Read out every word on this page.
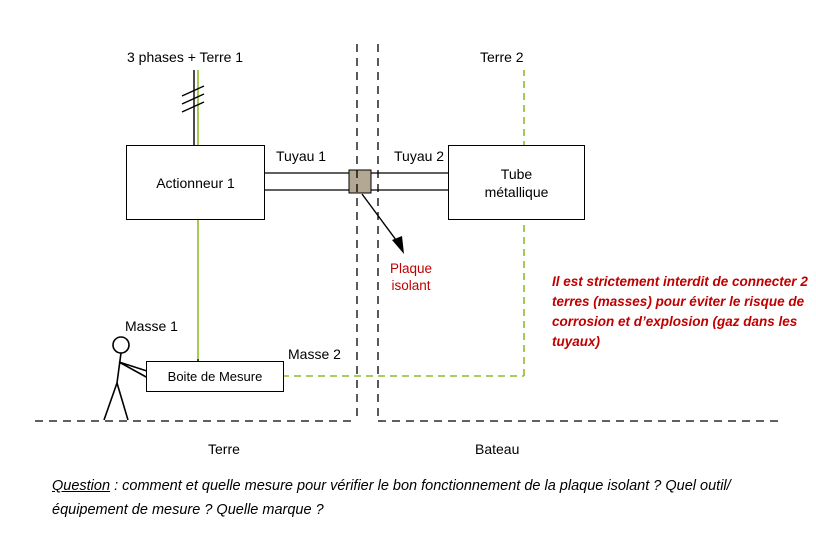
Actionneur 1
Tube
métallique
Boite de Mesure
3 phases + Terre 1	Terre 2
Tuyau 1	Tuyau 2
Masse 1
Masse 2
Terre	Bateau
Plaque
isolant	Il est strictement interdit de connecter 2 terres (masses) pour éviter le risque de corrosion et d’explosion (gaz dans les tuyaux)
Question : comment et quelle mesure pour vérifier le bon fonctionnement de la plaque isolant ? Quel outil/équipement de mesure ? Quelle marque ?
